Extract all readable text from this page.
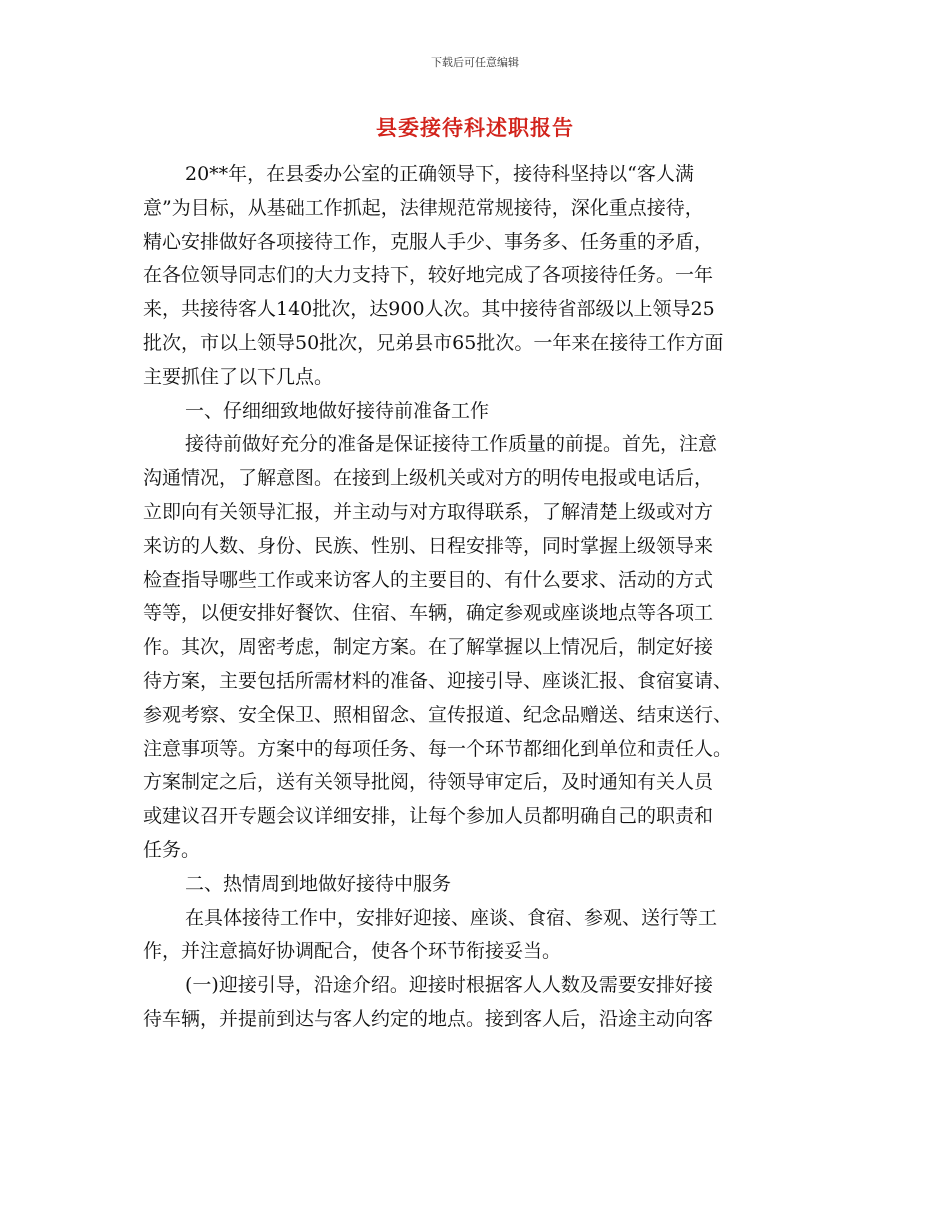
下载后可任意编辑
县委接待科述职报告
20**年，在县委办公室的正确领导下，接待科坚持以“客人满
意”为目标，从基础工作抓起，法律规范常规接待，深化重点接待，
精心安排做好各项接待工作，克服人手少、事务多、任务重的矛盾，
在各位领导同志们的大力支持下，较好地完成了各项接待任务。一年
来，共接待客人140批次，达900人次。其中接待省部级以上领导25
批次，市以上领导50批次，兄弟县市65批次。一年来在接待工作方面
主要抓住了以下几点。
一、仔细细致地做好接待前准备工作
接待前做好充分的准备是保证接待工作质量的前提。首先，注意
沟通情况，了解意图。在接到上级机关或对方的明传电报或电话后，
立即向有关领导汇报，并主动与对方取得联系，了解清楚上级或对方
来访的人数、身份、民族、性别、日程安排等，同时掌握上级领导来
检查指导哪些工作或来访客人的主要目的、有什么要求、活动的方式
等等，以便安排好餐饮、住宿、车辆，确定参观或座谈地点等各项工
作。其次，周密考虑，制定方案。在了解掌握以上情况后，制定好接
待方案，主要包括所需材料的准备、迎接引导、座谈汇报、食宿宴请、
参观考察、安全保卫、照相留念、宣传报道、纪念品赠送、结束送行、
注意事项等。方案中的每项任务、每一个环节都细化到单位和责任人。
方案制定之后，送有关领导批阅，待领导审定后，及时通知有关人员
或建议召开专题会议详细安排，让每个参加人员都明确自己的职责和
任务。
二、热情周到地做好接待中服务
在具体接待工作中，安排好迎接、座谈、食宿、参观、送行等工
作，并注意搞好协调配合，使各个环节衔接妥当。
(一)迎接引导，沿途介绍。迎接时根据客人人数及需要安排好接
待车辆，并提前到达与客人约定的地点。接到客人后，沿途主动向客
